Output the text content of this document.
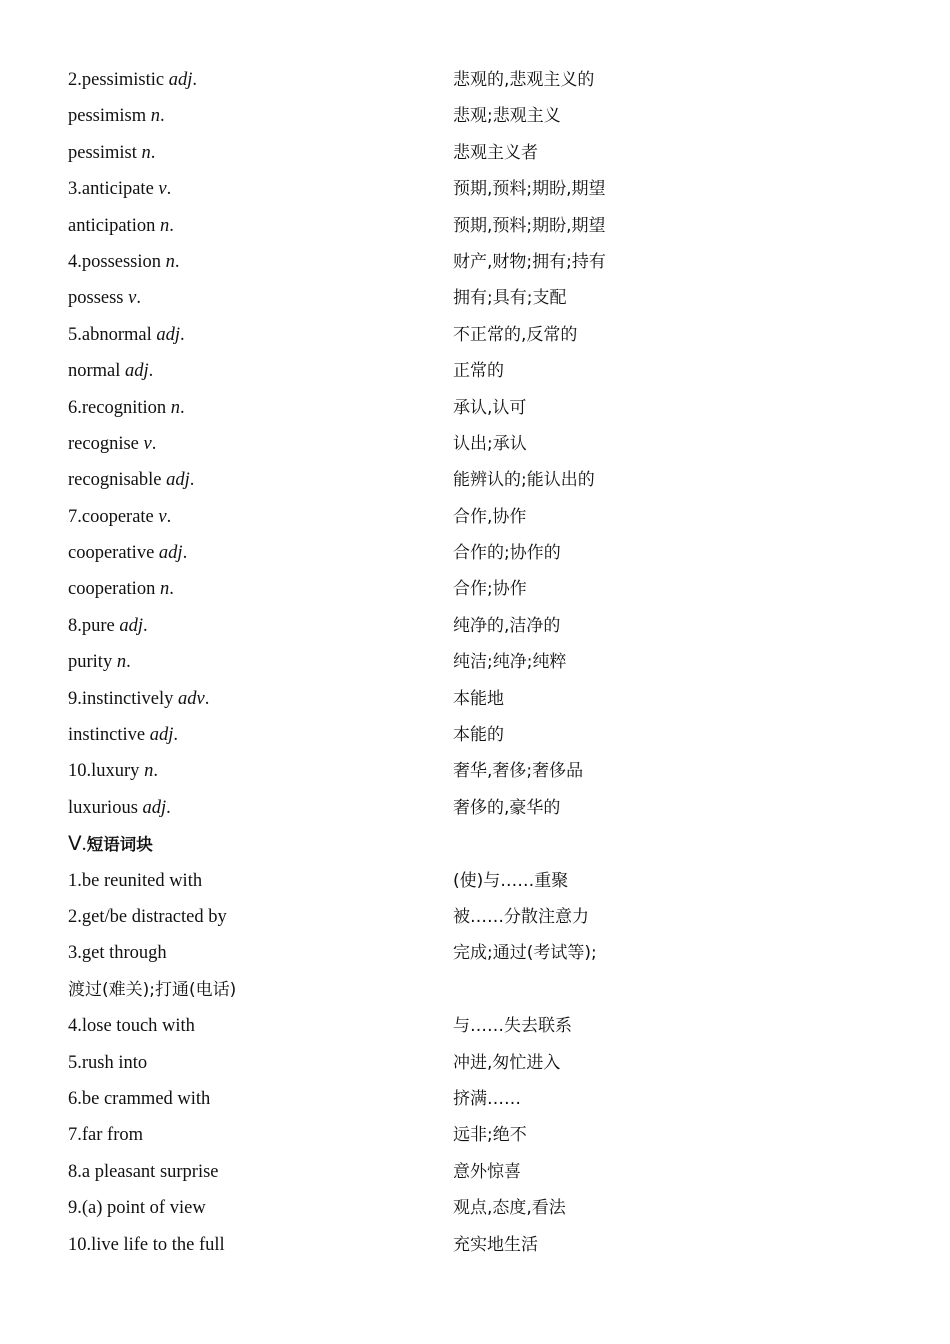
2.pessimistic adj.	悲观的,悲观主义的
pessimism n.	悲观;悲观主义
pessimist n.	悲观主义者
3.anticipate v.	预期,预料;期盼,期望
anticipation n.	预期,预料;期盼,期望
4.possession n.	财产,财物;拥有;持有
possess v.	拥有;具有;支配
5.abnormal adj.	不正常的,反常的
normal adj.	正常的
6.recognition n.	承认,认可
recognise v.	认出;承认
recognisable adj.	能辨认的;能认出的
7.cooperate v.	合作,协作
cooperative adj.	合作的;协作的
cooperation n.	合作;协作
8.pure adj.	纯净的,洁净的
purity n.	纯洁;纯净;纯粹
9.instinctively adv.	本能地
instinctive adj.	本能的
10.luxury n.	奢华,奢侈;奢侈品
luxurious adj.	奢侈的,豪华的
Ⅴ.短语词块
1.be reunited with	(使)与……重聚
2.get/be distracted by	被……分散注意力
3.get through	完成;通过(考试等);
渡过(难关);打通(电话)
4.lose touch with	与……失去联系
5.rush into	冲进,匆忙进入
6.be crammed with	挤满……
7.far from	远非;绝不
8.a pleasant surprise	意外惊喜
9.(a) point of view	观点,态度,看法
10.live life to the full	充实地生活
